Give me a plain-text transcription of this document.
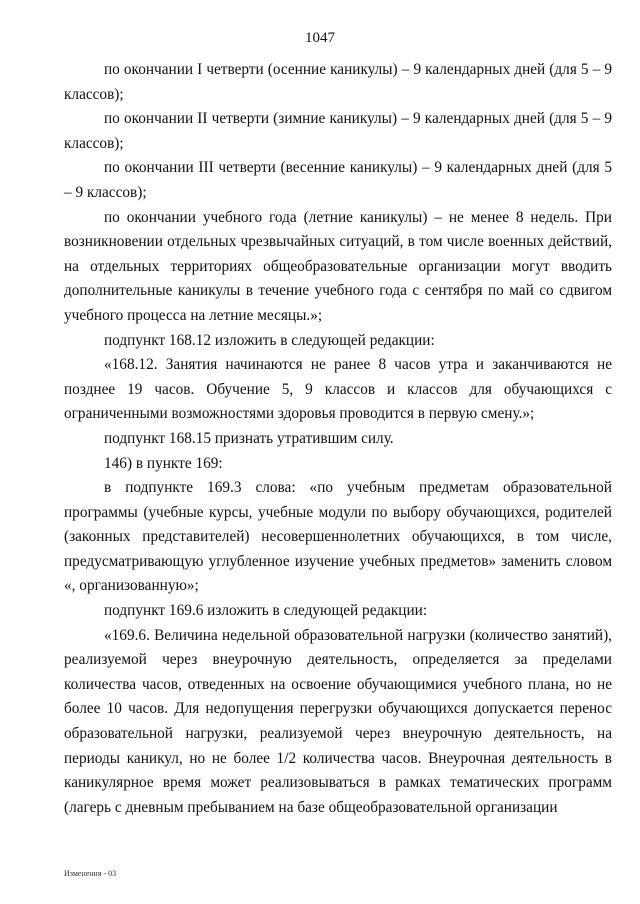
1047

по окончании I четверти (осенние каникулы) – 9 календарных дней (для 5 – 9 классов);

по окончании II четверти (зимние каникулы) – 9 календарных дней (для 5 – 9 классов);

по окончании III четверти (весенние каникулы) – 9 календарных дней (для 5 – 9 классов);

по окончании учебного года (летние каникулы) – не менее 8 недель. При возникновении отдельных чрезвычайных ситуаций, в том числе военных действий, на отдельных территориях общеобразовательные организации могут вводить дополнительные каникулы в течение учебного года с сентября по май со сдвигом учебного процесса на летние месяцы.»;

подпункт 168.12 изложить в следующей редакции:

«168.12. Занятия начинаются не ранее 8 часов утра и заканчиваются не позднее 19 часов. Обучение 5, 9 классов и классов для обучающихся с ограниченными возможностями здоровья проводится в первую смену.»;

подпункт 168.15 признать утратившим силу.

146) в пункте 169:

в подпункте 169.3 слова: «по учебным предметам образовательной программы (учебные курсы, учебные модули по выбору обучающихся, родителей (законных представителей) несовершеннолетних обучающихся, в том числе, предусматривающую углубленное изучение учебных предметов» заменить словом «, организованную»;

подпункт 169.6 изложить в следующей редакции:

«169.6. Величина недельной образовательной нагрузки (количество занятий), реализуемой через внеурочную деятельность, определяется за пределами количества часов, отведенных на освоение обучающимися учебного плана, но не более 10 часов. Для недопущения перегрузки обучающихся допускается перенос образовательной нагрузки, реализуемой через внеурочную деятельность, на периоды каникул, но не более 1/2 количества часов. Внеурочная деятельность в каникулярное время может реализовываться в рамках тематических программ (лагерь с дневным пребыванием на базе общеобразовательной организации

Изменения - 03
